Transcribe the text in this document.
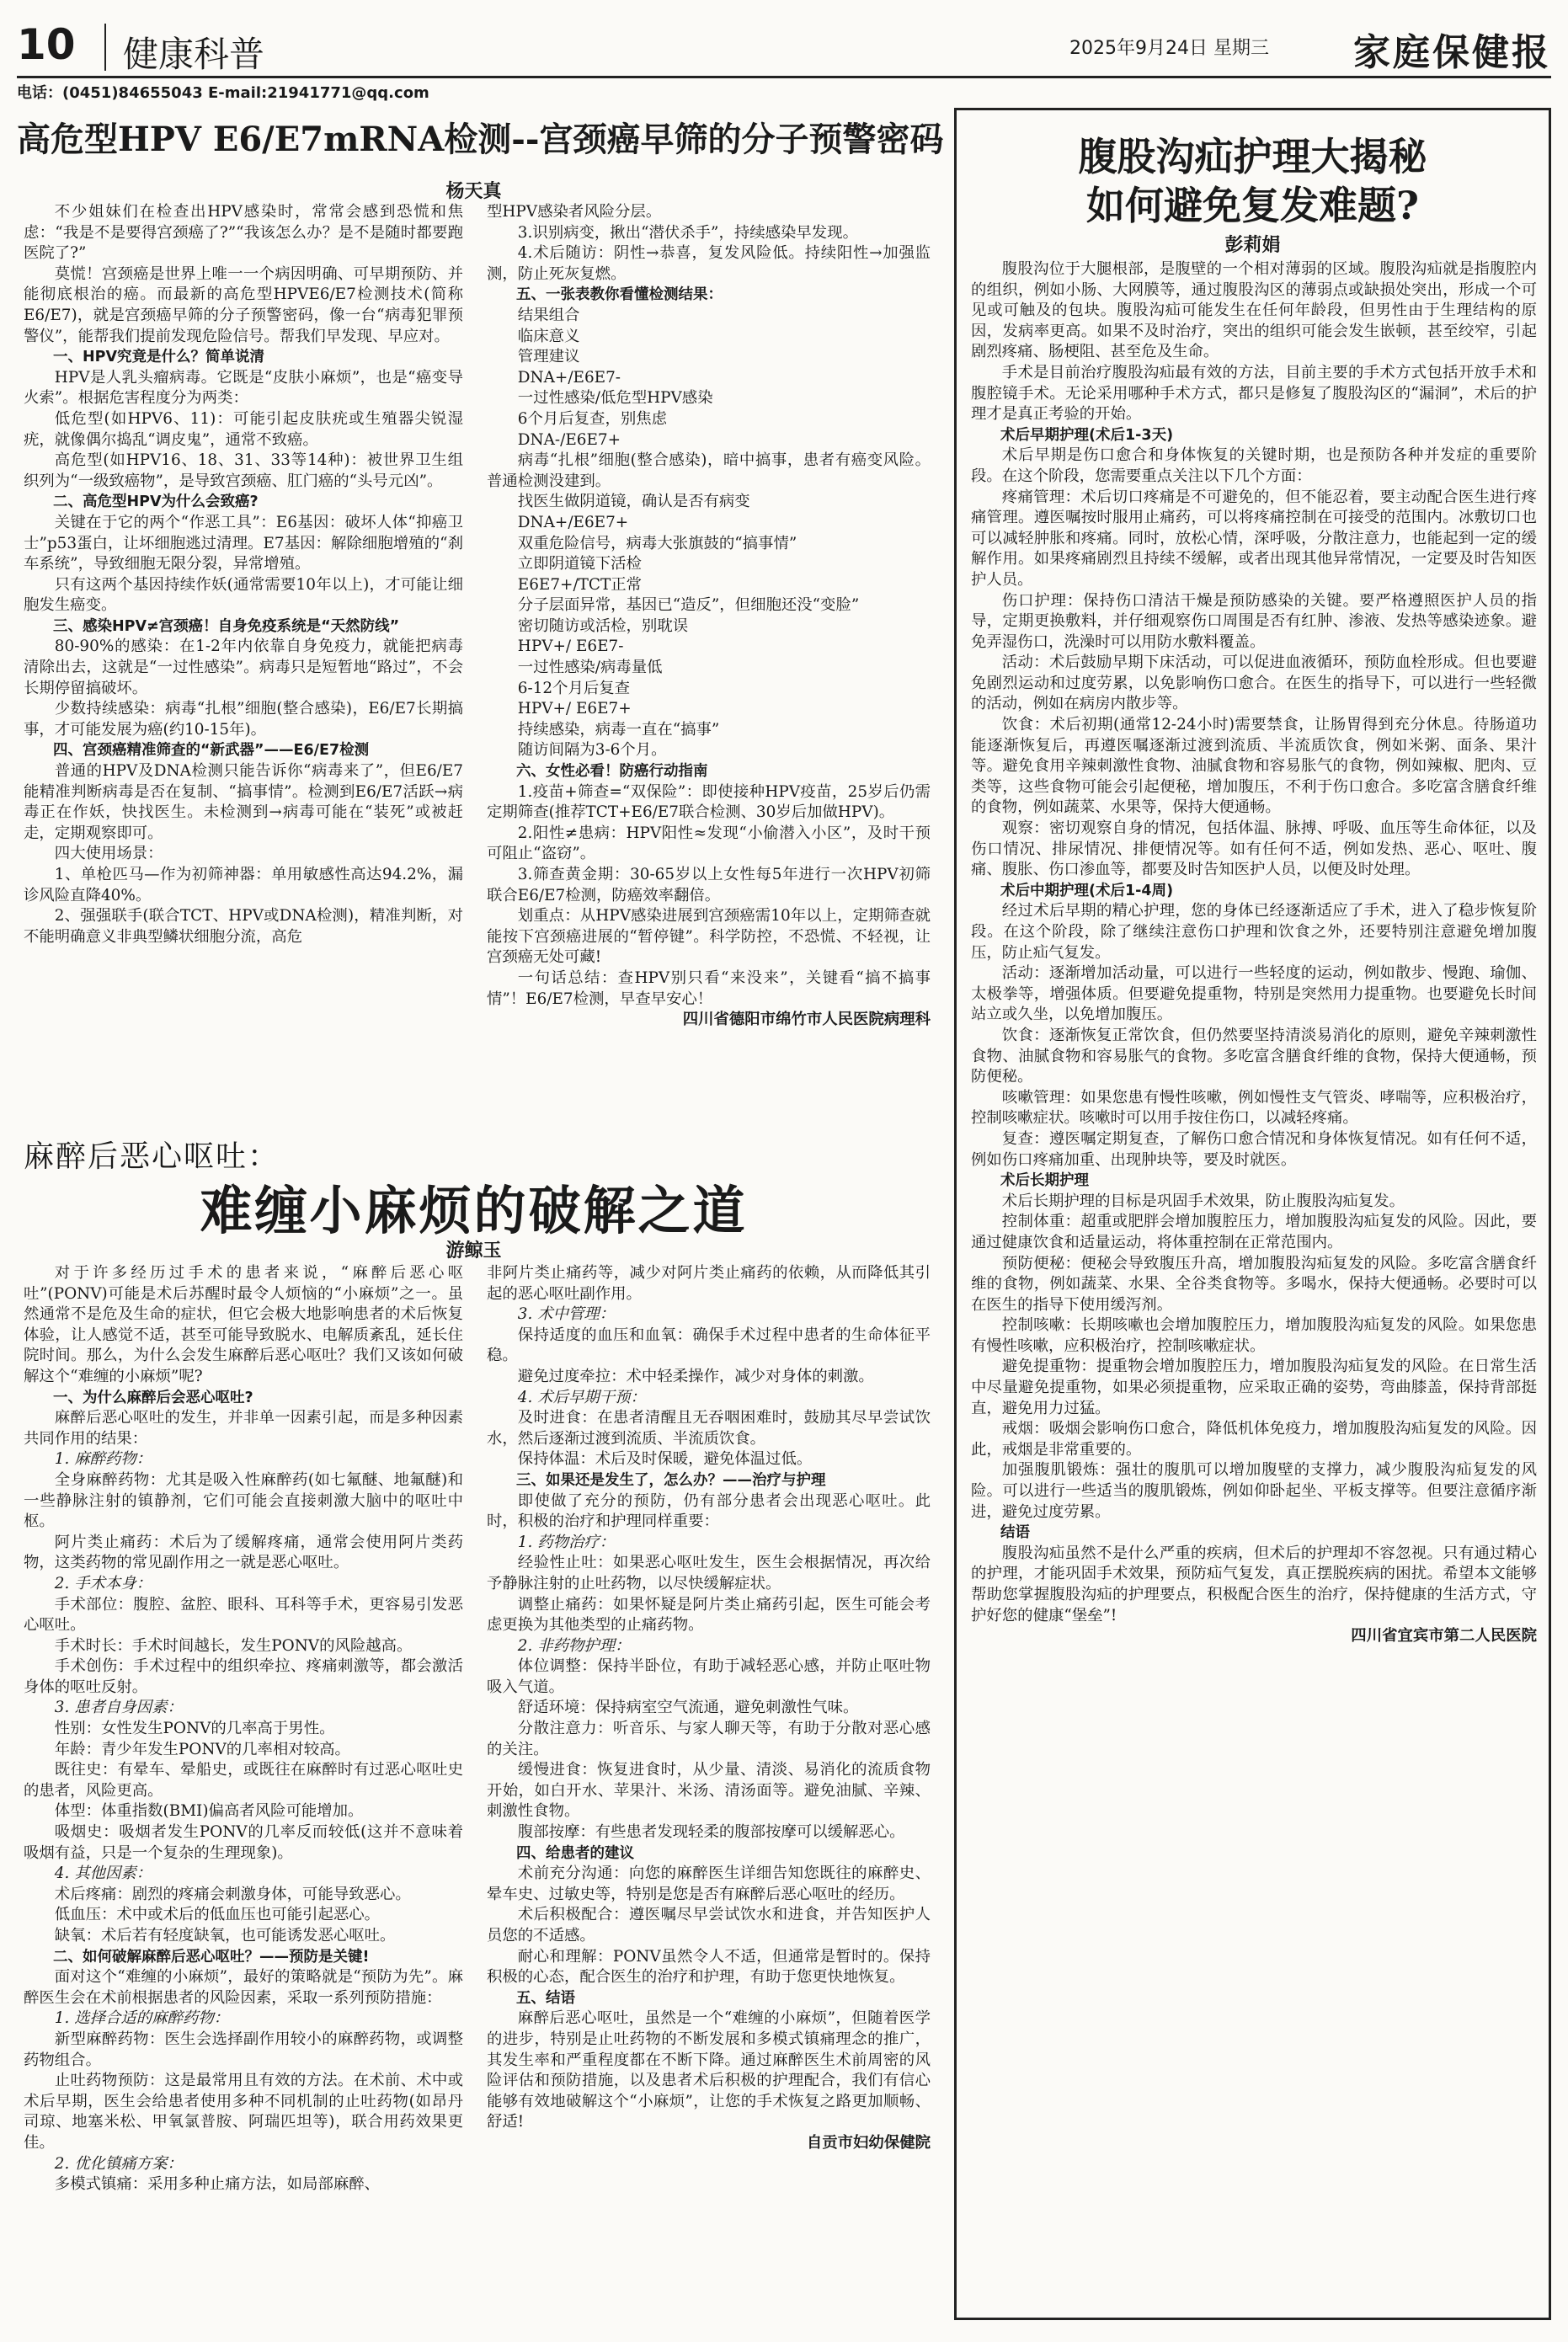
10 健康科普	2025年9月24日 星期三 家庭保健报
电话：(0451)84655043 E-mail:21941771@qq.com
高危型HPV E6/E7mRNA检测--宫颈癌早筛的分子预警密码
杨天真

不少姐妹们在检查出HPV感染时，常常会感到恐慌和焦虑：“我是不是要得宫颈癌了?”“我该怎么办？是不是随时都要跑医院了?”

莫慌！宫颈癌是世界上唯一一个病因明确、可早期预防、并能彻底根治的癌。而最新的高危型HPVE6/E7检测技术(简称E6/E7)，就是宫颈癌早筛的分子预警密码，像一台“病毒犯罪预警仪”，能帮我们提前发现危险信号。帮我们早发现、早应对。

一、HPV究竟是什么？简单说清

HPV是人乳头瘤病毒。它既是“皮肤小麻烦”，也是“癌变导火索”。根据危害程度分为两类：

低危型(如HPV6、11)：可能引起皮肤疣或生殖器尖锐湿疣，就像偶尔捣乱“调皮鬼”，通常不致癌。

高危型(如HPV16、18、31、33等14种)：被世界卫生组织列为“一级致癌物”，是导致宫颈癌、肛门癌的“头号元凶”。

二、高危型HPV为什么会致癌?

关键在于它的两个“作恶工具”：E6基因：破坏人体“抑癌卫士”p53蛋白，让坏细胞逃过清理。E7基因：解除细胞增殖的“刹车系统”，导致细胞无限分裂，异常增殖。

只有这两个基因持续作妖(通常需要10年以上)，才可能让细胞发生癌变。

三、感染HPV≠宫颈癌！自身免疫系统是“天然防线”

80-90%的感染：在1-2年内依靠自身免疫力，就能把病毒清除出去，这就是“一过性感染”。病毒只是短暂地“路过”，不会长期停留搞破坏。

少数持续感染：病毒“扎根”细胞(整合感染)，E6/E7长期搞事，才可能发展为癌(约10-15年)。

四、宫颈癌精准筛查的“新武器”——E6/E7检测

普通的HPV及DNA检测只能告诉你“病毒来了”，但E6/E7能精准判断病毒是否在复制、“搞事情”。检测到E6/E7活跃→病毒正在作妖，快找医生。未检测到→病毒可能在“装死”或被赶走，定期观察即可。

四大使用场景：

1、单枪匹马—作为初筛神器：单用敏感性高达94.2%，漏诊风险直降40%。

2、强强联手(联合TCT、HPV或DNA检测)，精准判断，对不能明确意义非典型鳞状细胞分流，高危

型HPV感染者风险分层。

3.识别病变，揪出“潜伏杀手”，持续感染早发现。

4.术后随访：阴性→恭喜，复发风险低。持续阳性→加强监测，防止死灰复燃。

五、一张表教你看懂检测结果：

结果组合

临床意义

管理建议

DNA+/E6E7-

一过性感染/低危型HPV感染

6个月后复查，别焦虑

DNA-/E6E7+

病毒“扎根”细胞(整合感染)，暗中搞事，患者有癌变风险。普通检测没建到。

找医生做阴道镜，确认是否有病变

DNA+/E6E7+

双重危险信号，病毒大张旗鼓的“搞事情”

立即阴道镜下活检

E6E7+/TCT正常

分子层面异常，基因已“造反”，但细胞还没“变脸”

密切随访或活检，别耽误

HPV+/ E6E7-

一过性感染/病毒量低

6-12个月后复查

HPV+/ E6E7+

持续感染，病毒一直在“搞事”

随访间隔为3-6个月。

六、女性必看！防癌行动指南

1.疫苗+筛查=“双保险”：即使接种HPV疫苗，25岁后仍需定期筛查(推荐TCT+E6/E7联合检测、30岁后加做HPV)。

2.阳性≠患病：HPV阳性≈发现“小偷潜入小区”，及时干预可阻止“盗窃”。

3.筛查黄金期：30-65岁以上女性每5年进行一次HPV初筛联合E6/E7检测，防癌效率翻倍。

划重点：从HPV感染进展到宫颈癌需10年以上，定期筛查就能按下宫颈癌进展的“暂停键”。科学防控，不恐慌、不轻视，让宫颈癌无处可藏!

一句话总结：查HPV别只看“来没来”，关键看“搞不搞事情”！E6/E7检测，早查早安心！

四川省德阳市绵竹市人民医院病理科

麻醉后恶心呕吐：
难缠小麻烦的破解之道
游鲸玉

对于许多经历过手术的患者来说，“麻醉后恶心呕吐”(PONV)可能是术后苏醒时最令人烦恼的“小麻烦”之一。虽然通常不是危及生命的症状，但它会极大地影响患者的术后恢复体验，让人感觉不适，甚至可能导致脱水、电解质紊乱，延长住院时间。那么，为什么会发生麻醉后恶心呕吐？我们又该如何破解这个“难缠的小麻烦”呢?

一、为什么麻醉后会恶心呕吐?

麻醉后恶心呕吐的发生，并非单一因素引起，而是多种因素共同作用的结果：

1. 麻醉药物：

全身麻醉药物：尤其是吸入性麻醉药(如七氟醚、地氟醚)和一些静脉注射的镇静剂，它们可能会直接刺激大脑中的呕吐中枢。

阿片类止痛药：术后为了缓解疼痛，通常会使用阿片类药物，这类药物的常见副作用之一就是恶心呕吐。

2. 手术本身：

手术部位：腹腔、盆腔、眼科、耳科等手术，更容易引发恶心呕吐。

手术时长：手术时间越长，发生PONV的风险越高。

手术创伤：手术过程中的组织牵拉、疼痛刺激等，都会激活身体的呕吐反射。

3. 患者自身因素：

性别：女性发生PONV的几率高于男性。

年龄：青少年发生PONV的几率相对较高。

既往史：有晕车、晕船史，或既往在麻醉时有过恶心呕吐史的患者，风险更高。

体型：体重指数(BMI)偏高者风险可能增加。

吸烟史：吸烟者发生PONV的几率反而较低(这并不意味着吸烟有益，只是一个复杂的生理现象)。

4. 其他因素：

术后疼痛：剧烈的疼痛会刺激身体，可能导致恶心。

低血压：术中或术后的低血压也可能引起恶心。

缺氧：术后若有轻度缺氧，也可能诱发恶心呕吐。

二、如何破解麻醉后恶心呕吐？——预防是关键!

面对这个“难缠的小麻烦”，最好的策略就是“预防为先”。麻醉医生会在术前根据患者的风险因素，采取一系列预防措施：

1. 选择合适的麻醉药物：

新型麻醉药物：医生会选择副作用较小的麻醉药物，或调整药物组合。

止吐药物预防：这是最常用且有效的方法。在术前、术中或术后早期，医生会给患者使用多种不同机制的止吐药物(如昂丹司琼、地塞米松、甲氧氯普胺、阿瑞匹坦等)，联合用药效果更佳。

2. 优化镇痛方案：

多模式镇痛：采用多种止痛方法，如局部麻醉、

非阿片类止痛药等，减少对阿片类止痛药的依赖，从而降低其引起的恶心呕吐副作用。

3. 术中管理：

保持适度的血压和血氧：确保手术过程中患者的生命体征平稳。

避免过度牵拉：术中轻柔操作，减少对身体的刺激。

4. 术后早期干预：

及时进食：在患者清醒且无吞咽困难时，鼓励其尽早尝试饮水，然后逐渐过渡到流质、半流质饮食。

保持体温：术后及时保暖，避免体温过低。

三、如果还是发生了，怎么办？——治疗与护理

即使做了充分的预防，仍有部分患者会出现恶心呕吐。此时，积极的治疗和护理同样重要：

1. 药物治疗：

经验性止吐：如果恶心呕吐发生，医生会根据情况，再次给予静脉注射的止吐药物，以尽快缓解症状。

调整止痛药：如果怀疑是阿片类止痛药引起，医生可能会考虑更换为其他类型的止痛药物。

2. 非药物护理：

体位调整：保持半卧位，有助于减轻恶心感，并防止呕吐物吸入气道。

舒适环境：保持病室空气流通，避免刺激性气味。

分散注意力：听音乐、与家人聊天等，有助于分散对恶心感的关注。

缓慢进食：恢复进食时，从少量、清淡、易消化的流质食物开始，如白开水、苹果汁、米汤、清汤面等。避免油腻、辛辣、刺激性食物。

腹部按摩：有些患者发现轻柔的腹部按摩可以缓解恶心。

四、给患者的建议

术前充分沟通：向您的麻醉医生详细告知您既往的麻醉史、晕车史、过敏史等，特别是您是否有麻醉后恶心呕吐的经历。

术后积极配合：遵医嘱尽早尝试饮水和进食，并告知医护人员您的不适感。

耐心和理解：PONV虽然令人不适，但通常是暂时的。保持积极的心态，配合医生的治疗和护理，有助于您更快地恢复。

五、结语

麻醉后恶心呕吐，虽然是一个“难缠的小麻烦”，但随着医学的进步，特别是止吐药物的不断发展和多模式镇痛理念的推广，其发生率和严重程度都在不断下降。通过麻醉医生术前周密的风险评估和预防措施，以及患者术后积极的护理配合，我们有信心能够有效地破解这个“小麻烦”，让您的手术恢复之路更加顺畅、舒适!

自贡市妇幼保健院

腹股沟疝护理大揭秘
如何避免复发难题?
彭莉娟

腹股沟位于大腿根部，是腹壁的一个相对薄弱的区域。腹股沟疝就是指腹腔内的组织，例如小肠、大网膜等，通过腹股沟区的薄弱点或缺损处突出，形成一个可见或可触及的包块。腹股沟疝可能发生在任何年龄段，但男性由于生理结构的原因，发病率更高。如果不及时治疗，突出的组织可能会发生嵌顿，甚至绞窄，引起剧烈疼痛、肠梗阻、甚至危及生命。

手术是目前治疗腹股沟疝最有效的方法，目前主要的手术方式包括开放手术和腹腔镜手术。无论采用哪种手术方式，都只是修复了腹股沟区的“漏洞”，术后的护理才是真正考验的开始。

术后早期护理(术后1-3天)

术后早期是伤口愈合和身体恢复的关键时期，也是预防各种并发症的重要阶段。在这个阶段，您需要重点关注以下几个方面：

疼痛管理：术后切口疼痛是不可避免的，但不能忍着，要主动配合医生进行疼痛管理。遵医嘱按时服用止痛药，可以将疼痛控制在可接受的范围内。冰敷切口也可以减轻肿胀和疼痛。同时，放松心情，深呼吸，分散注意力，也能起到一定的缓解作用。如果疼痛剧烈且持续不缓解，或者出现其他异常情况，一定要及时告知医护人员。

伤口护理：保持伤口清洁干燥是预防感染的关键。要严格遵照医护人员的指导，定期更换敷料，并仔细观察伤口周围是否有红肿、渗液、发热等感染迹象。避免弄湿伤口，洗澡时可以用防水敷料覆盖。

活动：术后鼓励早期下床活动，可以促进血液循环，预防血栓形成。但也要避免剧烈运动和过度劳累，以免影响伤口愈合。在医生的指导下，可以进行一些轻微的活动，例如在病房内散步等。

饮食：术后初期(通常12-24小时)需要禁食，让肠胃得到充分休息。待肠道功能逐渐恢复后，再遵医嘱逐渐过渡到流质、半流质饮食，例如米粥、面条、果汁等。避免食用辛辣刺激性食物、油腻食物和容易胀气的食物，例如辣椒、肥肉、豆类等，这些食物可能会引起便秘，增加腹压，不利于伤口愈合。多吃富含膳食纤维的食物，例如蔬菜、水果等，保持大便通畅。

观察：密切观察自身的情况，包括体温、脉搏、呼吸、血压等生命体征，以及伤口情况、排尿情况、排便情况等。如有任何不适，例如发热、恶心、呕吐、腹痛、腹胀、伤口渗血等，都要及时告知医护人员，以便及时处理。

术后中期护理(术后1-4周)

经过术后早期的精心护理，您的身体已经逐渐适应了手术，进入了稳步恢复阶段。在这个阶段，除了继续注意伤口护理和饮食之外，还要特别注意避免增加腹压，防止疝气复发。

活动：逐渐增加活动量，可以进行一些轻度的运动，例如散步、慢跑、瑜伽、太极拳等，增强体质。但要避免提重物，特别是突然用力提重物。也要避免长时间站立或久坐，以免增加腹压。

饮食：逐渐恢复正常饮食，但仍然要坚持清淡易消化的原则，避免辛辣刺激性食物、油腻食物和容易胀气的食物。多吃富含膳食纤维的食物，保持大便通畅，预防便秘。

咳嗽管理：如果您患有慢性咳嗽，例如慢性支气管炎、哮喘等，应积极治疗，控制咳嗽症状。咳嗽时可以用手按住伤口，以减轻疼痛。

复查：遵医嘱定期复查，了解伤口愈合情况和身体恢复情况。如有任何不适，例如伤口疼痛加重、出现肿块等，要及时就医。

术后长期护理

术后长期护理的目标是巩固手术效果，防止腹股沟疝复发。

控制体重：超重或肥胖会增加腹腔压力，增加腹股沟疝复发的风险。因此，要通过健康饮食和适量运动，将体重控制在正常范围内。

预防便秘：便秘会导致腹压升高，增加腹股沟疝复发的风险。多吃富含膳食纤维的食物，例如蔬菜、水果、全谷类食物等。多喝水，保持大便通畅。必要时可以在医生的指导下使用缓泻剂。

控制咳嗽：长期咳嗽也会增加腹腔压力，增加腹股沟疝复发的风险。如果您患有慢性咳嗽，应积极治疗，控制咳嗽症状。

避免提重物：提重物会增加腹腔压力，增加腹股沟疝复发的风险。在日常生活中尽量避免提重物，如果必须提重物，应采取正确的姿势，弯曲膝盖，保持背部挺直，避免用力过猛。

戒烟：吸烟会影响伤口愈合，降低机体免疫力，增加腹股沟疝复发的风险。因此，戒烟是非常重要的。

加强腹肌锻炼：强壮的腹肌可以增加腹壁的支撑力，减少腹股沟疝复发的风险。可以进行一些适当的腹肌锻炼，例如仰卧起坐、平板支撑等。但要注意循序渐进，避免过度劳累。

结语

腹股沟疝虽然不是什么严重的疾病，但术后的护理却不容忽视。只有通过精心的护理，才能巩固手术效果，预防疝气复发，真正摆脱疾病的困扰。希望本文能够帮助您掌握腹股沟疝的护理要点，积极配合医生的治疗，保持健康的生活方式，守护好您的健康“堡垒”!

四川省宜宾市第二人民医院
